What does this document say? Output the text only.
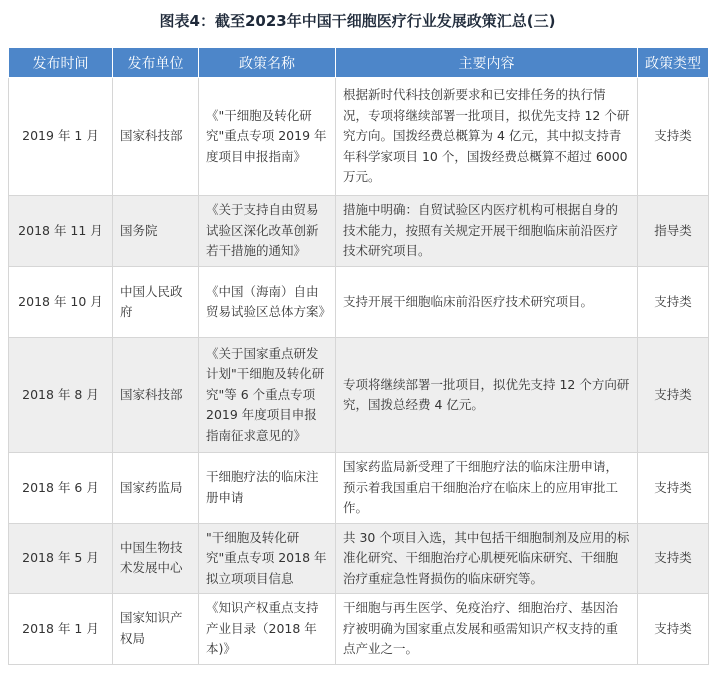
图表4：截至2023年中国干细胞医疗行业发展政策汇总(三)
发布时间	发布单位	政策名称	主要内容	政策类型
2019 年 1 月	国家科技部	《"干细胞及转化研究"重点专项 2019 年度项目申报指南》	根据新时代科技创新要求和已安排任务的执行情况，专项将继续部署一批项目，拟优先支持 12 个研究方向。国拨经费总概算为 4 亿元，其中拟支持青年科学家项目 10 个，国拨经费总概算不超过 6000 万元。	支持类
2018 年 11 月	国务院	《关于支持自由贸易试验区深化改革创新若干措施的通知》	措施中明确：自贸试验区内医疗机构可根据自身的技术能力，按照有关规定开展干细胞临床前沿医疗技术研究项目。	指导类
2018 年 10 月	中国人民政府	《中国（海南）自由贸易试验区总体方案》	支持开展干细胞临床前沿医疗技术研究项目。	支持类
2018 年 8 月	国家科技部	《关于国家重点研发计划"干细胞及转化研究"等 6 个重点专项 2019 年度项目申报指南征求意见的》	专项将继续部署一批项目，拟优先支持 12 个方向研究，国拨总经费 4 亿元。	支持类
2018 年 6 月	国家药监局	干细胞疗法的临床注册申请	国家药监局新受理了干细胞疗法的临床注册申请，预示着我国重启干细胞治疗在临床上的应用审批工作。	支持类
2018 年 5 月	中国生物技术发展中心	"干细胞及转化研究"重点专项 2018 年拟立项项目信息	共 30 个项目入选，其中包括干细胞制剂及应用的标准化研究、干细胞治疗心肌梗死临床研究、干细胞治疗重症急性肾损伤的临床研究等。	支持类
2018 年 1 月	国家知识产权局	《知识产权重点支持产业目录（2018 年本)》	干细胞与再生医学、免疫治疗、细胞治疗、基因治疗被明确为国家重点发展和亟需知识产权支持的重点产业之一。	支持类
